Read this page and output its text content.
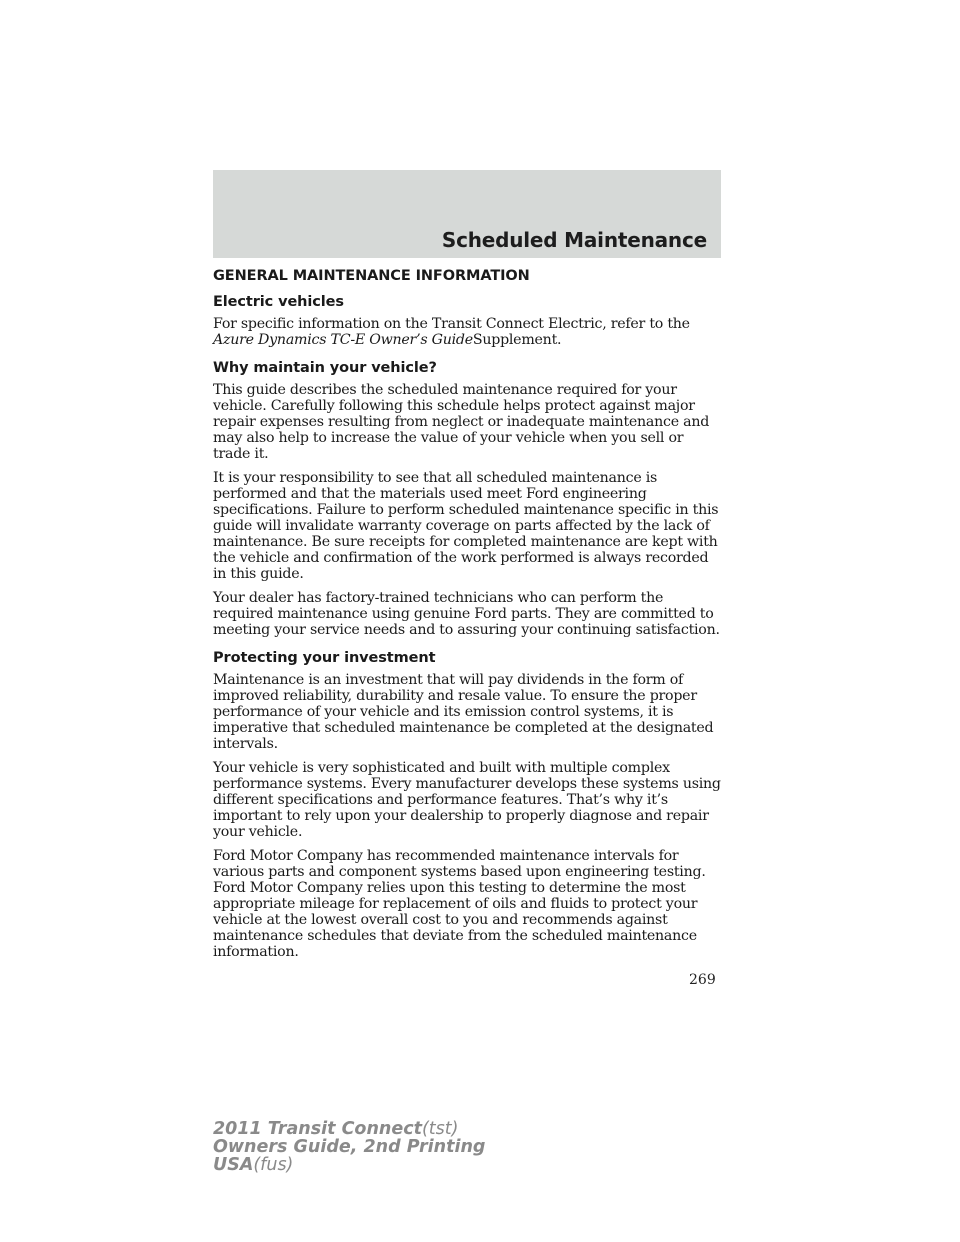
Scheduled Maintenance
GENERAL MAINTENANCE INFORMATION
Electric vehicles

For specific information on the Transit Connect Electric, refer to the
Azure Dynamics TC-E Owner’s GuideSupplement.

Why maintain your vehicle?

This guide describes the scheduled maintenance required for your vehicle. Carefully following this schedule helps protect against major repair expenses resulting from neglect or inadequate maintenance and may also help to increase the value of your vehicle when you sell or trade it.

It is your responsibility to see that all scheduled maintenance is performed and that the materials used meet Ford engineering specifications. Failure to perform scheduled maintenance specific in this guide will invalidate warranty coverage on parts affected by the lack of maintenance. Be sure receipts for completed maintenance are kept with the vehicle and confirmation of the work performed is always recorded in this guide.

Your dealer has factory-trained technicians who can perform the required maintenance using genuine Ford parts. They are committed to meeting your service needs and to assuring your continuing satisfaction.

Protecting your investment

Maintenance is an investment that will pay dividends in the form of improved reliability, durability and resale value. To ensure the proper performance of your vehicle and its emission control systems, it is imperative that scheduled maintenance be completed at the designated intervals.

Your vehicle is very sophisticated and built with multiple complex performance systems. Every manufacturer develops these systems using different specifications and performance features. That’s why it’s important to rely upon your dealership to properly diagnose and repair your vehicle.

Ford Motor Company has recommended maintenance intervals for various parts and component systems based upon engineering testing. Ford Motor Company relies upon this testing to determine the most appropriate mileage for replacement of oils and fluids to protect your vehicle at the lowest overall cost to you and recommends against maintenance schedules that deviate from the scheduled maintenance information.

269
2011 Transit Connect(tst)
Owners Guide, 2nd Printing
USA(fus)
